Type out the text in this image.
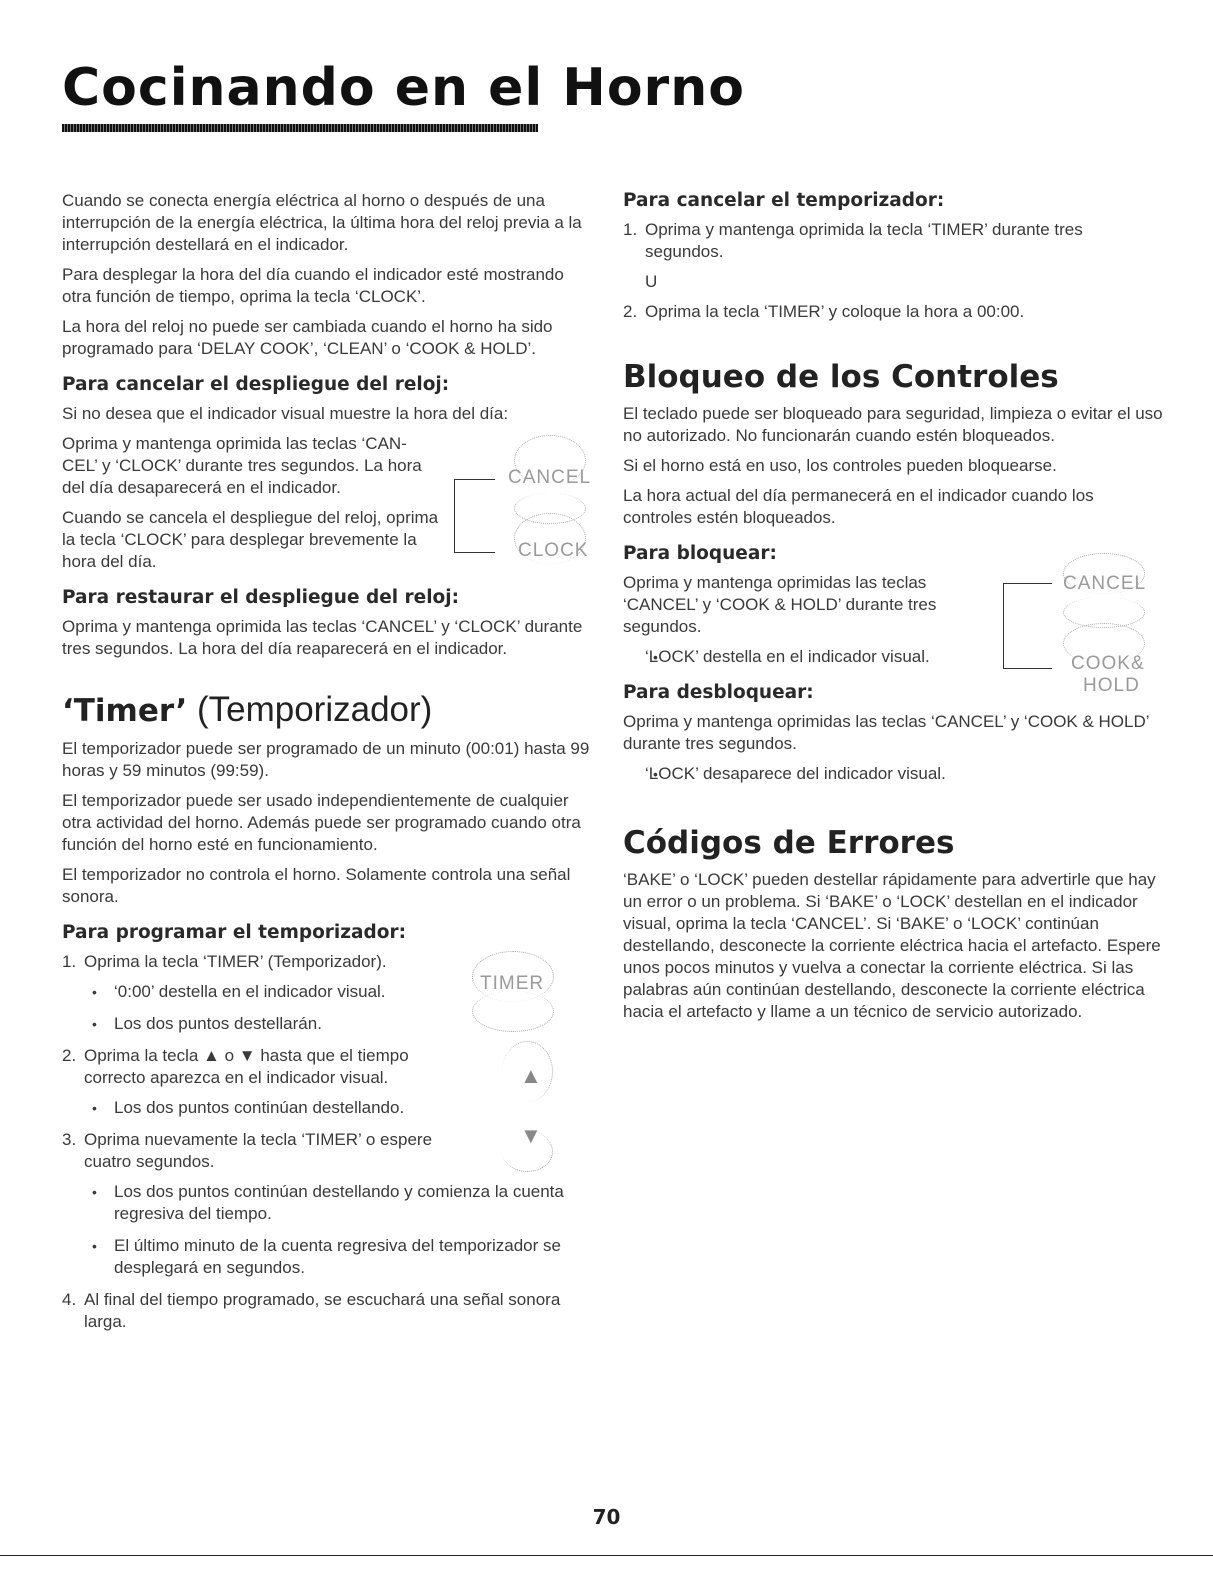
Cocinando en el Horno

Cuando se conecta energía eléctrica al horno o después de una interrupción de la energía eléctrica, la última hora del reloj previa a la interrupción destellará en el indicador.

Para desplegar la hora del día cuando el indicador esté mostrando otra función de tiempo, oprima la tecla ‘CLOCK’.

La hora del reloj no puede ser cambiada cuando el horno ha sido programado para ‘DELAY COOK’, ‘CLEAN’ o ‘COOK & HOLD’.

Para cancelar el despliegue del reloj:

Si no desea que el indicador visual muestre la hora del día:

Oprima y mantenga oprimida las teclas ‘CAN-CEL’ y ‘CLOCK’ durante tres segundos. La hora del día desaparecerá en el indicador.

Cuando se cancela el despliegue del reloj, oprima la tecla ‘CLOCK’ para desplegar brevemente la hora del día.

CANCEL
CLOCK
Para restaurar el despliegue del reloj:

Oprima y mantenga oprimida las teclas ‘CANCEL’ y ‘CLOCK’ durante tres segundos. La hora del día reaparecerá en el indicador.

‘Timer’ (Temporizador)

El temporizador puede ser programado de un minuto (00:01) hasta 99 horas y 59 minutos (99:59).

El temporizador puede ser usado independientemente de cualquier otra actividad del horno. Además puede ser programado cuando otra función del horno esté en funcionamiento.

El temporizador no controla el horno. Solamente controla una señal sonora.

Para programar el temporizador:
1. Oprima la tecla ‘TIMER’ (Temporizador).
• ‘0:00’ destella en el indicador visual.
• Los dos puntos destellarán.
2. Oprima la tecla ▲ o ▼ hasta que el tiempo correcto aparezca en el indicador visual.
• Los dos puntos continúan destellando.
3. Oprima nuevamente la tecla ‘TIMER’ o espere cuatro segundos.
• Los dos puntos continúan destellando y comienza la cuenta regresiva del tiempo.
• El último minuto de la cuenta regresiva del temporizador se desplegará en segundos.
4. Al final del tiempo programado, se escuchará una señal sonora larga.
TIMER
▲
▼
Para cancelar el temporizador:
1. Oprima y mantenga oprimida la tecla ‘TIMER’ durante tres segundos.

U

2. Oprima la tecla ‘TIMER’ y coloque la hora a 00:00.
Bloqueo de los Controles

El teclado puede ser bloqueado para seguridad, limpieza o evitar el uso no autorizado. No funcionarán cuando estén bloqueados.

Si el horno está en uso, los controles pueden bloquearse.

La hora actual del día permanecerá en el indicador cuando los controles estén bloqueados.

Para bloquear:

Oprima y mantenga oprimidas las teclas ‘CANCEL’ y ‘COOK & HOLD’ durante tres segundos.

• ‘LOCK’ destella en el indicador visual.
CANCEL
COOK&
HOLD
Para desbloquear:

Oprima y mantenga oprimidas las teclas ‘CANCEL’ y ‘COOK & HOLD’ durante tres segundos.

• ‘LOCK’ desaparece del indicador visual.
Códigos de Errores

‘BAKE’ o ‘LOCK’ pueden destellar rápidamente para advertirle que hay un error o un problema. Si ‘BAKE’ o ‘LOCK’ destellan en el indicador visual, oprima la tecla ‘CANCEL’. Si ‘BAKE’ o ‘LOCK’ continúan destellando, desconecte la corriente eléctrica hacia el artefacto. Espere unos pocos minutos y vuelva a conectar la corriente eléctrica. Si las palabras aún continúan destellando, desconecte la corriente eléctrica hacia el artefacto y llame a un técnico de servicio autorizado.

70
